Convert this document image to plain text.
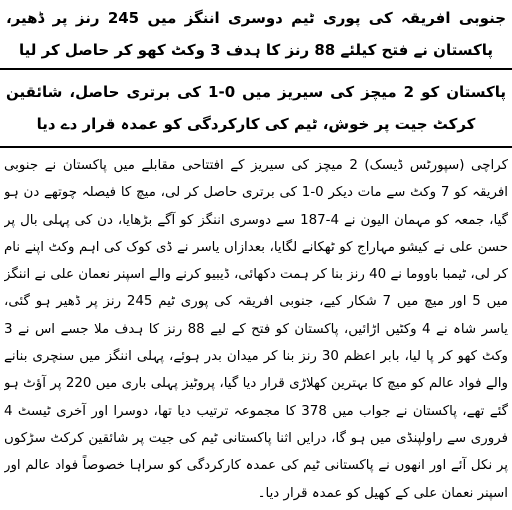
جنوبی افریقہ کی پوری ٹیم دوسری اننگز میں 245 رنز پر ڈھیر، پاکستان نے فتح کیلئے 88 رنز کا ہدف 3 وکٹ کھو کر حاصل کر لیا

پاکستان کو 2 میچز کی سیریز میں 0-1 کی برتری حاصل، شائقین کرکٹ جیت پر خوش، ٹیم کی کارکردگی کو عمدہ قرار دے دیا

کراچی (سپورٹس ڈیسک) 2 میچز کی سیریز کے افتتاحی مقابلے میں پاکستان نے جنوبی افریقہ کو 7 وکٹ سے مات دیکر 0-1 کی برتری حاصل کر لی، میچ کا فیصلہ چوتھے دن ہو گیا، جمعہ کو مہمان الیون نے 4-187 سے دوسری اننگز کو آگے بڑھایا، دن کی پہلی بال پر حسن علی نے کیشو مہاراج کو ٹھکانے لگایا، بعدازاں یاسر نے ڈی کوک کی اہم وکٹ اپنے نام کر لی، ٹیمبا باووما نے 40 رنز بنا کر ہمت دکھائی، ڈیبیو کرنے والے اسپنر نعمان علی نے اننگز میں 5 اور میچ میں 7 شکار کیے، جنوبی افریقہ کی پوری ٹیم 245 رنز پر ڈھیر ہو گئی، یاسر شاہ نے 4 وکٹیں اڑائیں، پاکستان کو فتح کے لیے 88 رنز کا ہدف ملا جسے اس نے 3 وکٹ کھو کر پا لیا، بابر اعظم 30 رنز بنا کر میدان بدر ہوئے، پہلی اننگز میں سنچری بنانے والے فواد عالم کو میچ کا بہترین کھلاڑی قرار دیا گیا، پروٹیز پہلی باری میں 220 پر آؤٹ ہو گئے تھے، پاکستان نے جواب میں 378 کا مجموعہ ترتیب دیا تھا، دوسرا اور آخری ٹیسٹ 4 فروری سے راولپنڈی میں ہو گا، درایں اثنا پاکستانی ٹیم کی جیت پر شائقین کرکٹ سڑکوں پر نکل آئے اور انھوں نے پاکستانی ٹیم کی عمدہ کارکردگی کو سراہا خصوصاً فواد عالم اور اسپنر نعمان علی کے کھیل کو عمدہ قرار دیا۔
